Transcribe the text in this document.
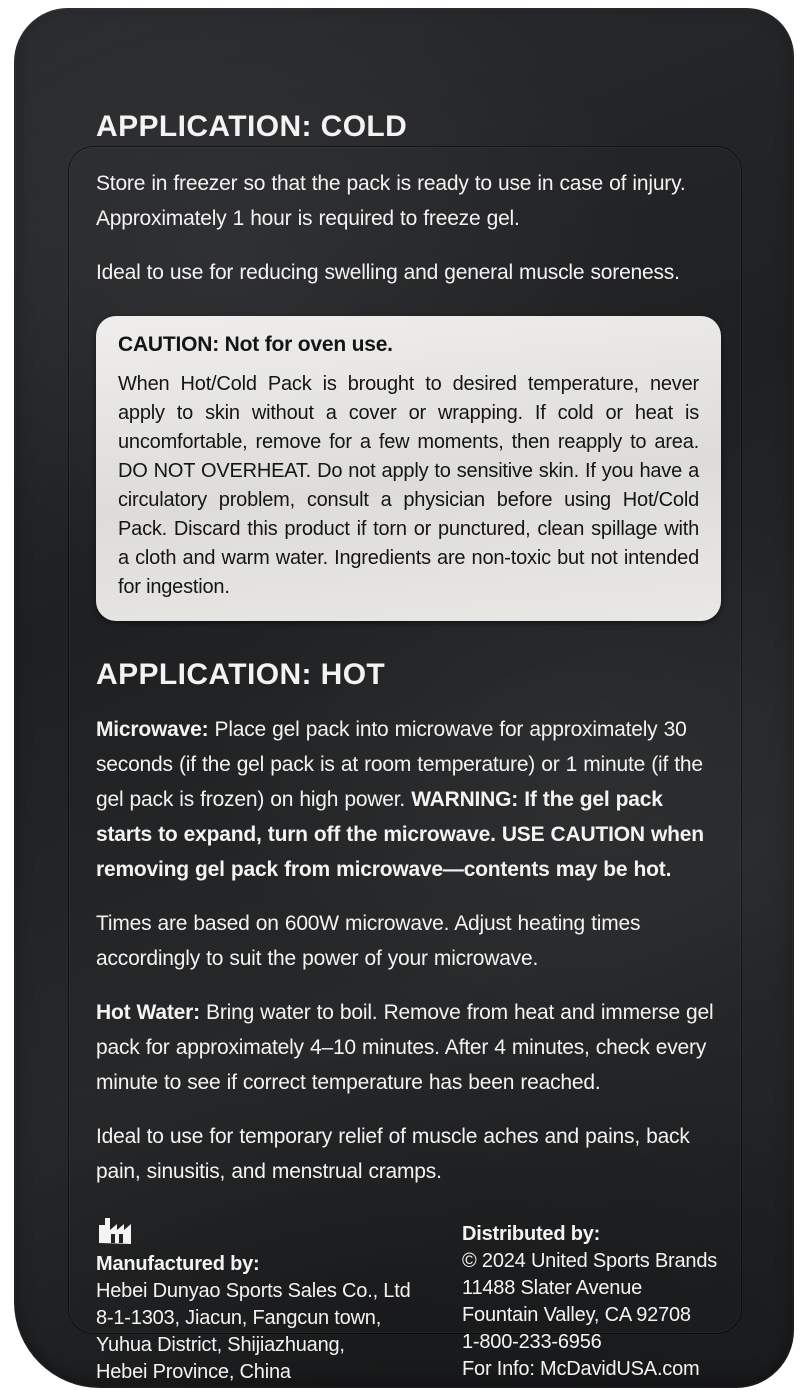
APPLICATION: COLD

Store in freezer so that the pack is ready to use in case of injury. Approximately 1 hour is required to freeze gel.

Ideal to use for reducing swelling and general muscle soreness.

CAUTION: Not for oven use.

When Hot/Cold Pack is brought to desired temperature, never apply to skin without a cover or wrapping. If cold or heat is uncomfortable, remove for a few moments, then reapply to area. DO NOT OVERHEAT. Do not apply to sensitive skin. If you have a circulatory problem, consult a physician before using Hot/Cold Pack. Discard this product if torn or punctured, clean spillage with a cloth and warm water. Ingredients are non-toxic but not intended for ingestion.

APPLICATION: HOT

Microwave: Place gel pack into microwave for approximately 30 seconds (if the gel pack is at room temperature) or 1 minute (if the gel pack is frozen) on high power. WARNING: If the gel pack starts to expand, turn off the microwave. USE CAUTION when removing gel pack from microwave—contents may be hot.

Times are based on 600W microwave. Adjust heating times accordingly to suit the power of your microwave.

Hot Water: Bring water to boil. Remove from heat and immerse gel pack for approximately 4–10 minutes. After 4 minutes, check every minute to see if correct temperature has been reached.

Ideal to use for temporary relief of muscle aches and pains, back pain, sinusitis, and menstrual cramps.

Manufactured by:
Hebei Dunyao Sports Sales Co., Ltd
8-1-1303, Jiacun, Fangcun town,
Yuhua District, Shijiazhuang,
Hebei Province, China
Distributed by:
© 2024 United Sports Brands
11488 Slater Avenue
Fountain Valley, CA 92708
1-800-233-6956
For Info: McDavidUSA.com
